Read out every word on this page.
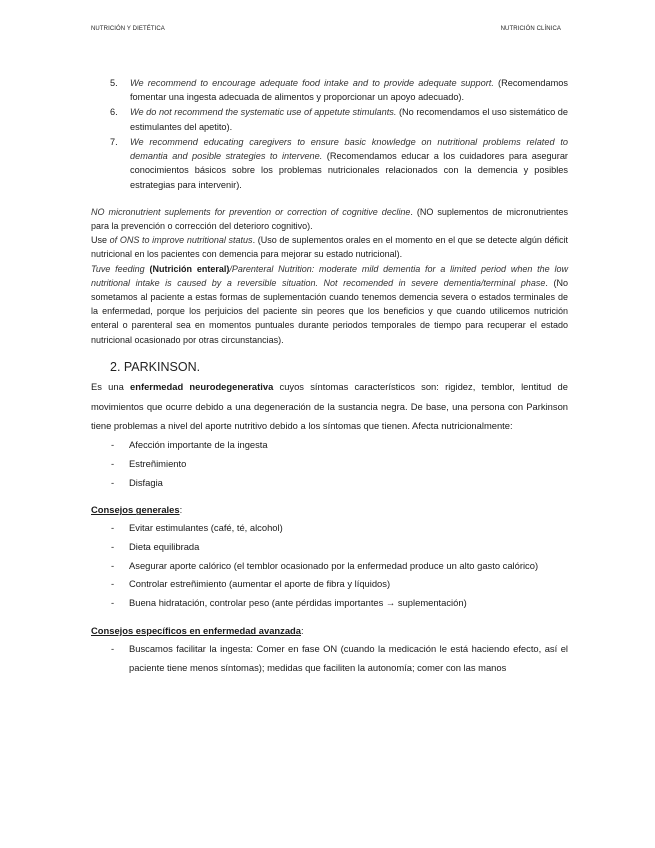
NUTRICIÓN Y DIETÉTICA	NUTRICIÓN CLÍNICA
5. We recommend to encourage adequate food intake and to provide adequate support. (Recomendamos fomentar una ingesta adecuada de alimentos y proporcionar un apoyo adecuado).
6. We do not recommend the systematic use of appetute stimulants. (No recomendamos el uso sistemático de estimulantes del apetito).
7. We recommend educating caregivers to ensure basic knowledge on nutritional problems related to demantia and posible strategies to intervene. (Recomendamos educar a los cuidadores para asegurar conocimientos básicos sobre los problemas nutricionales relacionados con la demencia y posibles estrategias para intervenir).

NO micronutrient suplements for prevention or correction of cognitive decline. (NO suplementos de micronutrientes para la prevención o corrección del deterioro cognitivo).

Use of ONS to improve nutritional status. (Uso de suplementos orales en el momento en el que se detecte algún déficit nutricional en los pacientes con demencia para mejorar su estado nutricional).

Tuve feeding (Nutrición enteral)/Parenteral Nutrition: moderate mild dementia for a limited period when the low nutritional intake is caused by a reversible situation. Not recomended in severe dementia/terminal phase. (No sometamos al paciente a estas formas de suplementación cuando tenemos demencia severa o estados terminales de la enfermedad, porque los perjuicios del paciente sin peores que los beneficios y que cuando utilicemos nutrición enteral o parenteral sea en momentos puntuales durante periodos temporales de tiempo para recuperar el estado nutricional ocasionado por otras circunstancias).

2. PARKINSON.

Es una enfermedad neurodegenerativa cuyos síntomas característicos son: rigidez, temblor, lentitud de movimientos que ocurre debido a una degeneración de la sustancia negra. De base, una persona con Parkinson tiene problemas a nivel del aporte nutritivo debido a los síntomas que tienen. Afecta nutricionalmente:

- Afección importante de la ingesta
- Estreñimiento
- Disfagia

Consejos generales:

- Evitar estimulantes (café, té, alcohol)
- Dieta equilibrada
- Asegurar aporte calórico (el temblor ocasionado por la enfermedad produce un alto gasto calórico)
- Controlar estreñimiento (aumentar el aporte de fibra y líquidos)
- Buena hidratación, controlar peso (ante pérdidas importantes → suplementación)

Consejos específicos en enfermedad avanzada:

- Buscamos facilitar la ingesta: Comer en fase ON (cuando la medicación le está haciendo efecto, así el paciente tiene menos síntomas); medidas que faciliten la autonomía; comer con las manos
